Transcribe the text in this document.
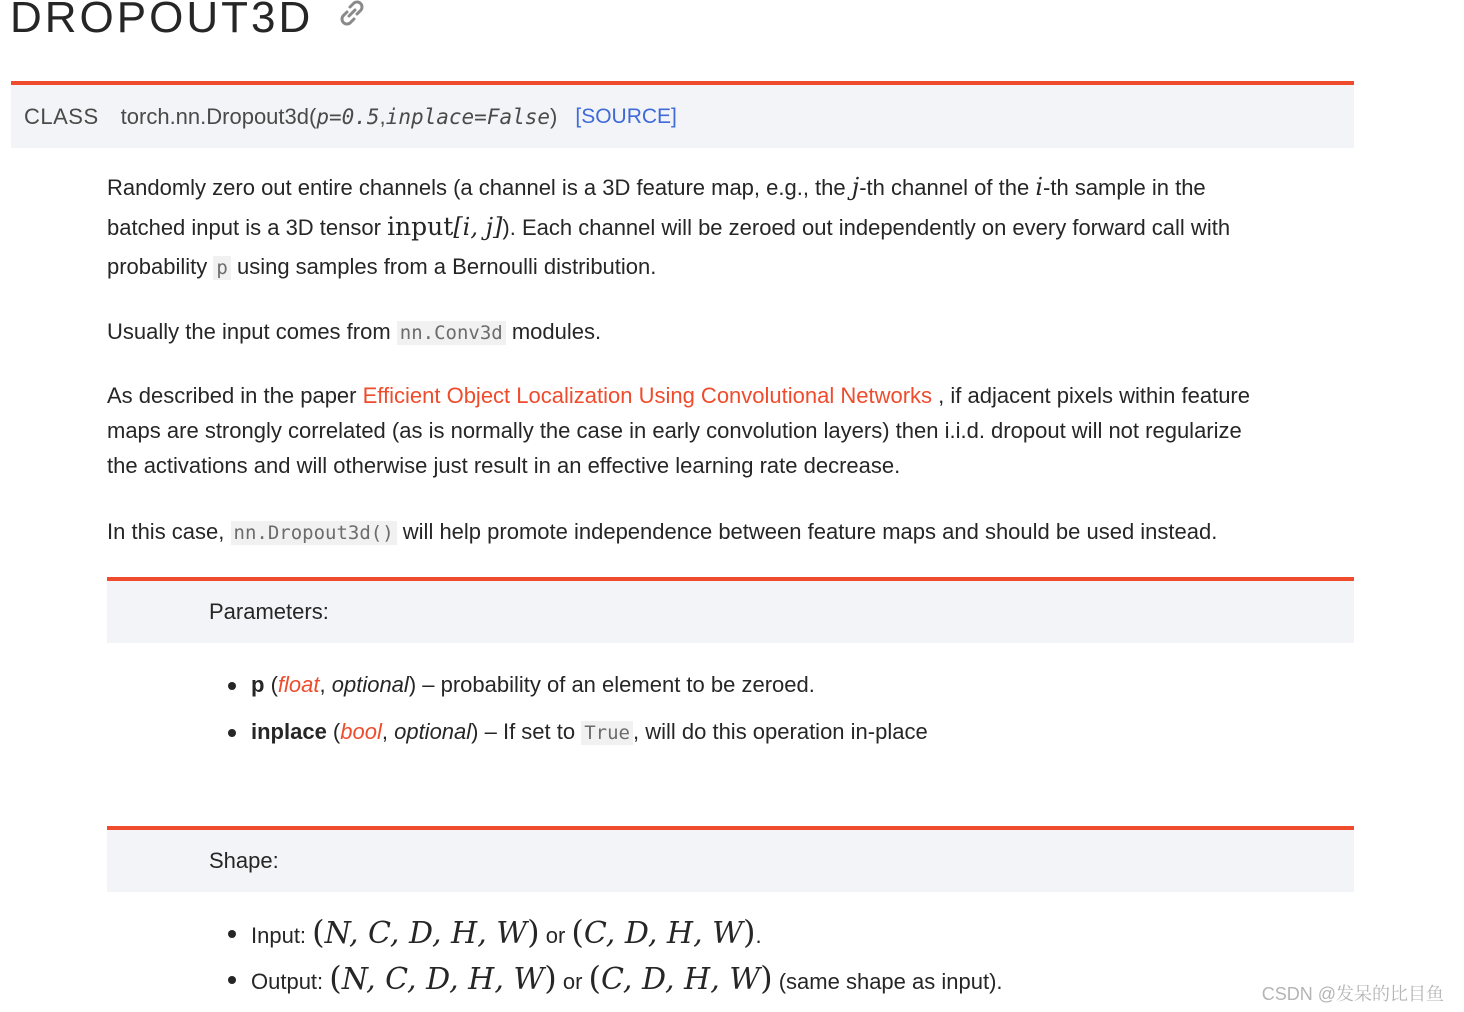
DROPOUT3D
CLASS torch.nn.Dropout3d ( p=0.5 , inplace=False ) [SOURCE]

Randomly zero out entire channels (a channel is a 3D feature map, e.g., the j-th channel of the i-th sample in the
batched input is a 3D tensor input[i, j]). Each channel will be zeroed out independently on every forward call with
probability p using samples from a Bernoulli distribution.

Usually the input comes from nn.Conv3d modules.

As described in the paper Efficient Object Localization Using Convolutional Networks , if adjacent pixels within feature
maps are strongly correlated (as is normally the case in early convolution layers) then i.i.d. dropout will not regularize
the activations and will otherwise just result in an effective learning rate decrease.

In this case, nn.Dropout3d() will help promote independence between feature maps and should be used instead.

Parameters:
p (float, optional) – probability of an element to be zeroed.
inplace (bool, optional) – If set to True , will do this operation in-place
Shape:
Input: (N, C, D, H, W) or (C, D, H, W).
Output: (N, C, D, H, W) or (C, D, H, W) (same shape as input).	CSDN @发呆的比目鱼
